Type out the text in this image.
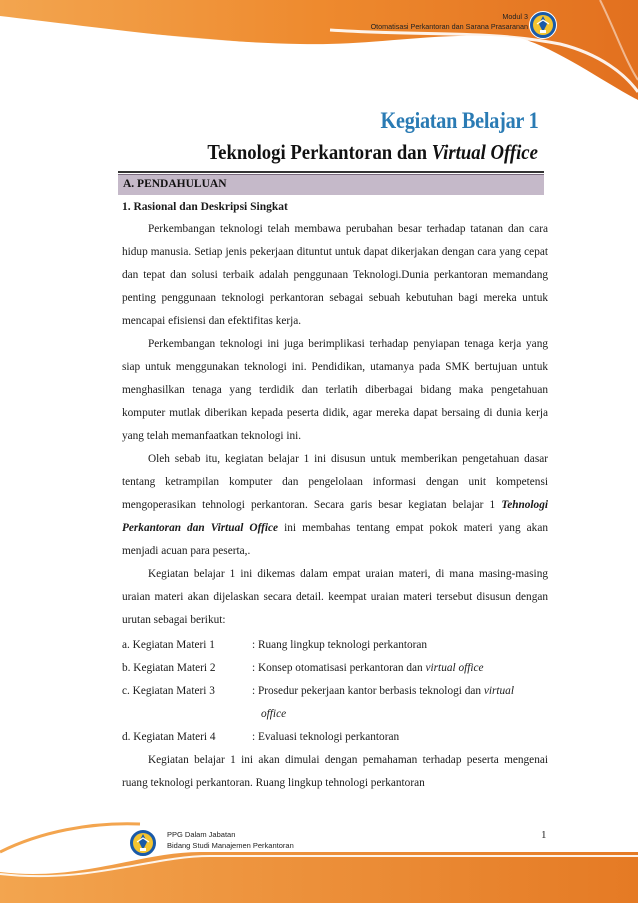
Modul 3
Otomatisasi Perkantoran dan Sarana Prasaranan
Kegiatan Belajar 1
Teknologi Perkantoran dan Virtual Office
A. PENDAHULUAN
1. Rasional dan Deskripsi Singkat

Perkembangan teknologi telah membawa perubahan besar terhadap tatanan dan cara hidup manusia. Setiap jenis pekerjaan dituntut untuk dapat dikerjakan dengan cara yang cepat dan tepat dan solusi terbaik adalah penggunaan Teknologi.Dunia perkantoran memandang penting penggunaan teknologi perkantoran sebagai sebuah kebutuhan bagi mereka untuk mencapai efisiensi dan efektifitas kerja.

Perkembangan teknologi ini juga berimplikasi terhadap penyiapan tenaga kerja yang siap untuk menggunakan teknologi ini. Pendidikan, utamanya pada SMK bertujuan untuk menghasilkan tenaga yang terdidik dan terlatih diberbagai bidang maka pengetahuan komputer mutlak diberikan kepada peserta didik, agar mereka dapat bersaing di dunia kerja yang telah memanfaatkan teknologi ini.

Oleh sebab itu, kegiatan belajar 1 ini disusun untuk memberikan pengetahuan dasar tentang ketrampilan komputer dan pengelolaan informasi dengan unit kompetensi mengoperasikan tehnologi perkantoran. Secara garis besar kegiatan belajar 1 Tehnologi Perkantoran dan Virtual Office ini membahas tentang empat pokok materi yang akan menjadi acuan para peserta,.

Kegiatan belajar 1 ini dikemas dalam empat uraian materi, di mana masing-masing uraian materi akan dijelaskan secara detail. keempat uraian materi tersebut disusun dengan urutan sebagai berikut:

a. Kegiatan Materi 1	: Ruang lingkup teknologi perkantoran
b. Kegiatan Materi 2	: Konsep otomatisasi perkantoran dan virtual office
c. Kegiatan Materi 3	: Prosedur pekerjaan kantor berbasis teknologi dan virtual
office
d. Kegiatan Materi 4	: Evaluasi teknologi perkantoran

Kegiatan belajar 1 ini akan dimulai dengan pemahaman terhadap peserta mengenai ruang teknologi perkantoran. Ruang lingkup tehnologi perkantoran

PPG Dalam Jabatan
Bidang Studi Manajemen Perkantoran
1
